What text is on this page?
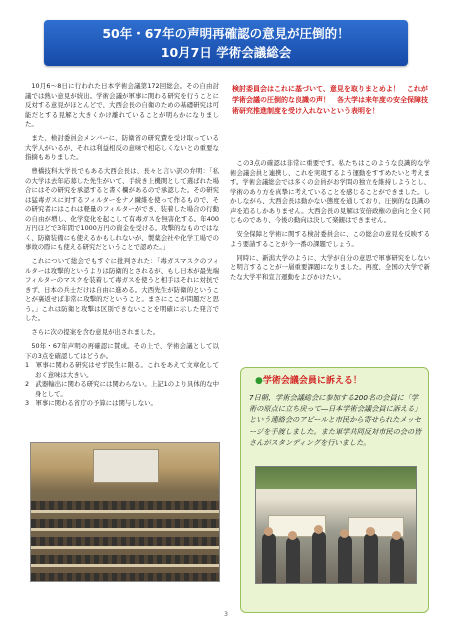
50年・67年の声明再確認の意見が圧倒的！
10月7日 学術会議総会

10月6～8日に行われた日本学術会議第172回総会。その自由討議では熱い意見が続出。学術会議が軍事に関わる研究を行うことに反対する意見がほとんどで、大西会長の自衛のための基礎研究は可能だとする見解と大きくかけ離れていることが明らかになりました。

また、検討委員会メンバーに、防衛省の研究費を受け取っている大学人がいるが、それは利益相反の意味で相応しくないとの重要な指摘もありました。

豊橋技科大学長でもある大西会長は、長々と言い訳の弁明：「私の大学は去年応募した先生がいて、手続き上機関として選ばれた場合にはその研究を承認すると書く欄があるので承認した。その研究は猛毒ガスに対するフィルターをナノ繊維を使って作るもので、その研究者にはこれは軽量のフィルターができ、装着した場合の行動の自由が増し、化学変化を起こして有毒ガスを無害化する。年400万円ほどで3年間で1000万円の資金を受ける。攻撃的なものではなく、防衛装備にも使えるかもしれないが、製薬会社や化学工場での事故の際にも使える研究だということで認めた。」

これについて総会でもすぐに批判された：「毒ガスマスクのフィルターは攻撃的というよりは防衛的とされるが、もし日本が最先端フィルターのマスクを装着して毒ガスを使うと相手はそれに対抗できず、日本の兵士だけは自由に進める。大西先生が防衛的ということが裏返せば非常に攻撃的だということ。まさにここが問題だと思う。」これは防衛と攻撃は区別できないことを明確に示した発言でした。

さらに次の提案を含む意見が出されました。

50年・67年声明の再確認に賛成。その上で、学術会議として以下の3点を確認してはどうか。

1　軍事に関わる研究はせず民生に限る。これをあえて文章化しておく意味は大きい。

2　武器輸出に関わる研究には関わらない。上記1のより具体的な中身として。

3　軍事に関わる省庁の予算には関与しない。

検討委員会はこれに基づいて、意見を取りまとめよ！　これが学術会議の圧倒的な良識の声！　各大学は来年度の安全保障技術研究推進制度を受け入れないという表明を！

この3点の確認は非常に重要です。私たちはこのような良識的な学術会議会員と連携し、これを実現するよう運動をすすめたいと考えます。学術会議総会では多くの会員がお学問の独立を維持しようとし、学術のあり方を真摯に考えていることを感じることができました。しかしながら、大西会長は動かない態度を通しており、圧倒的な良識の声を追るしかありません。大西会長の見解は安倍政権の意向と全く同じものであり、今後の動向は決して楽観はできません。

安全保障と学術に関する検討委員会に、この総会の意見を反映するよう要請することが今一番の課題でしょう。

同時に、新潟大学のように、大学が自分の意思で軍事研究をしないと明言することが一層重要課題になりました。再度、全国の大学で新たな大学平和宣言運動をよびかけたい。

●学術会議会員に訴える！
7日朝、学術会議総会に参加する200名の会員に「学術の原点に立ち戻って―日本学術会議会員に訴える」という連絡会のアピールと市民から寄せられたメッセージを手渡しました。また軍学共同反対市民の会の皆さんがスタンディングを行いました。
3
